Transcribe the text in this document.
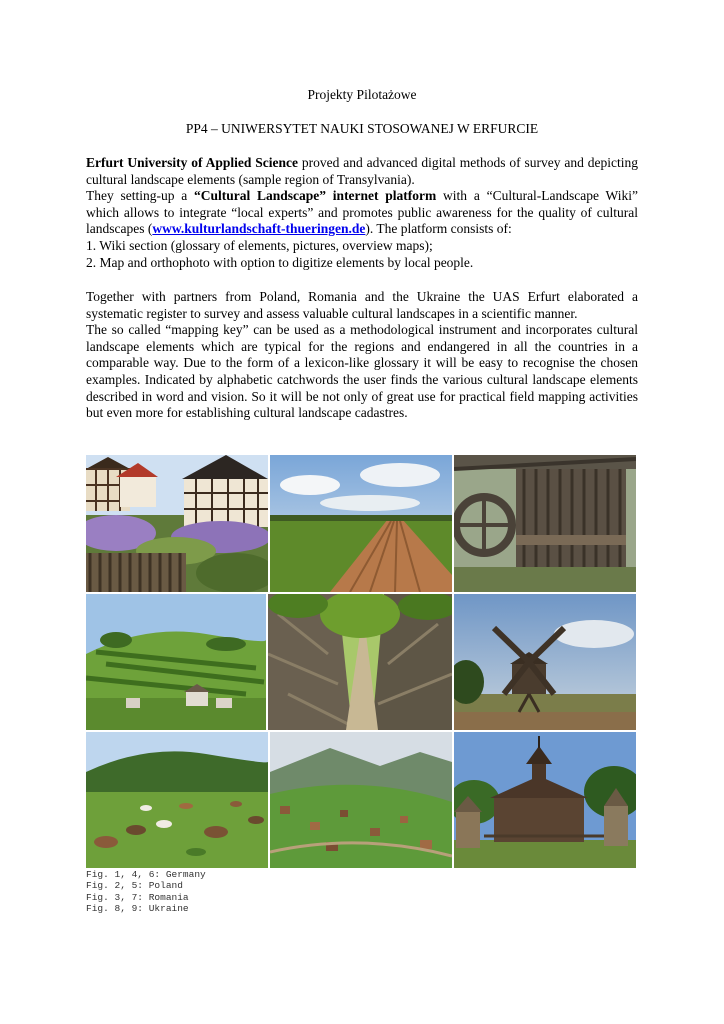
Projekty Pilotażowe
PP4 – UNIWERSYTET NAUKI STOSOWANEJ W ERFURCIE

Erfurt University of Applied Science proved and advanced digital methods of survey and depicting cultural landscape elements (sample region of Transylvania).

They setting-up a “Cultural Landscape” internet platform with a “Cultural-Landscape Wiki” which allows to integrate “local experts” and promotes public awareness for the quality of cultural landscapes (www.kulturlandschaft-thueringen.de). The platform consists of:

1. Wiki section (glossary of elements, pictures, overview maps);

2. Map and orthophoto with option to digitize elements by local people.

Together with partners from Poland, Romania and the Ukraine the UAS Erfurt elaborated a systematic register to survey and assess valuable cultural landscapes in a scientific manner.

The so called “mapping key” can be used as a methodological instrument and incorporates cultural landscape elements which are typical for the regions and endangered in all the countries in a comparable way. Due to the form of a lexicon-like glossary it will be easy to recognise the chosen examples. Indicated by alphabetic catchwords the user finds the various cultural landscape elements described in word and vision. So it will be not only of great use for practical field mapping activities but even more for establishing cultural landscape cadastres.

Fig. 1, 4, 6: Germany
Fig. 2, 5: Poland
Fig. 3, 7: Romania
Fig. 8, 9: Ukraine
